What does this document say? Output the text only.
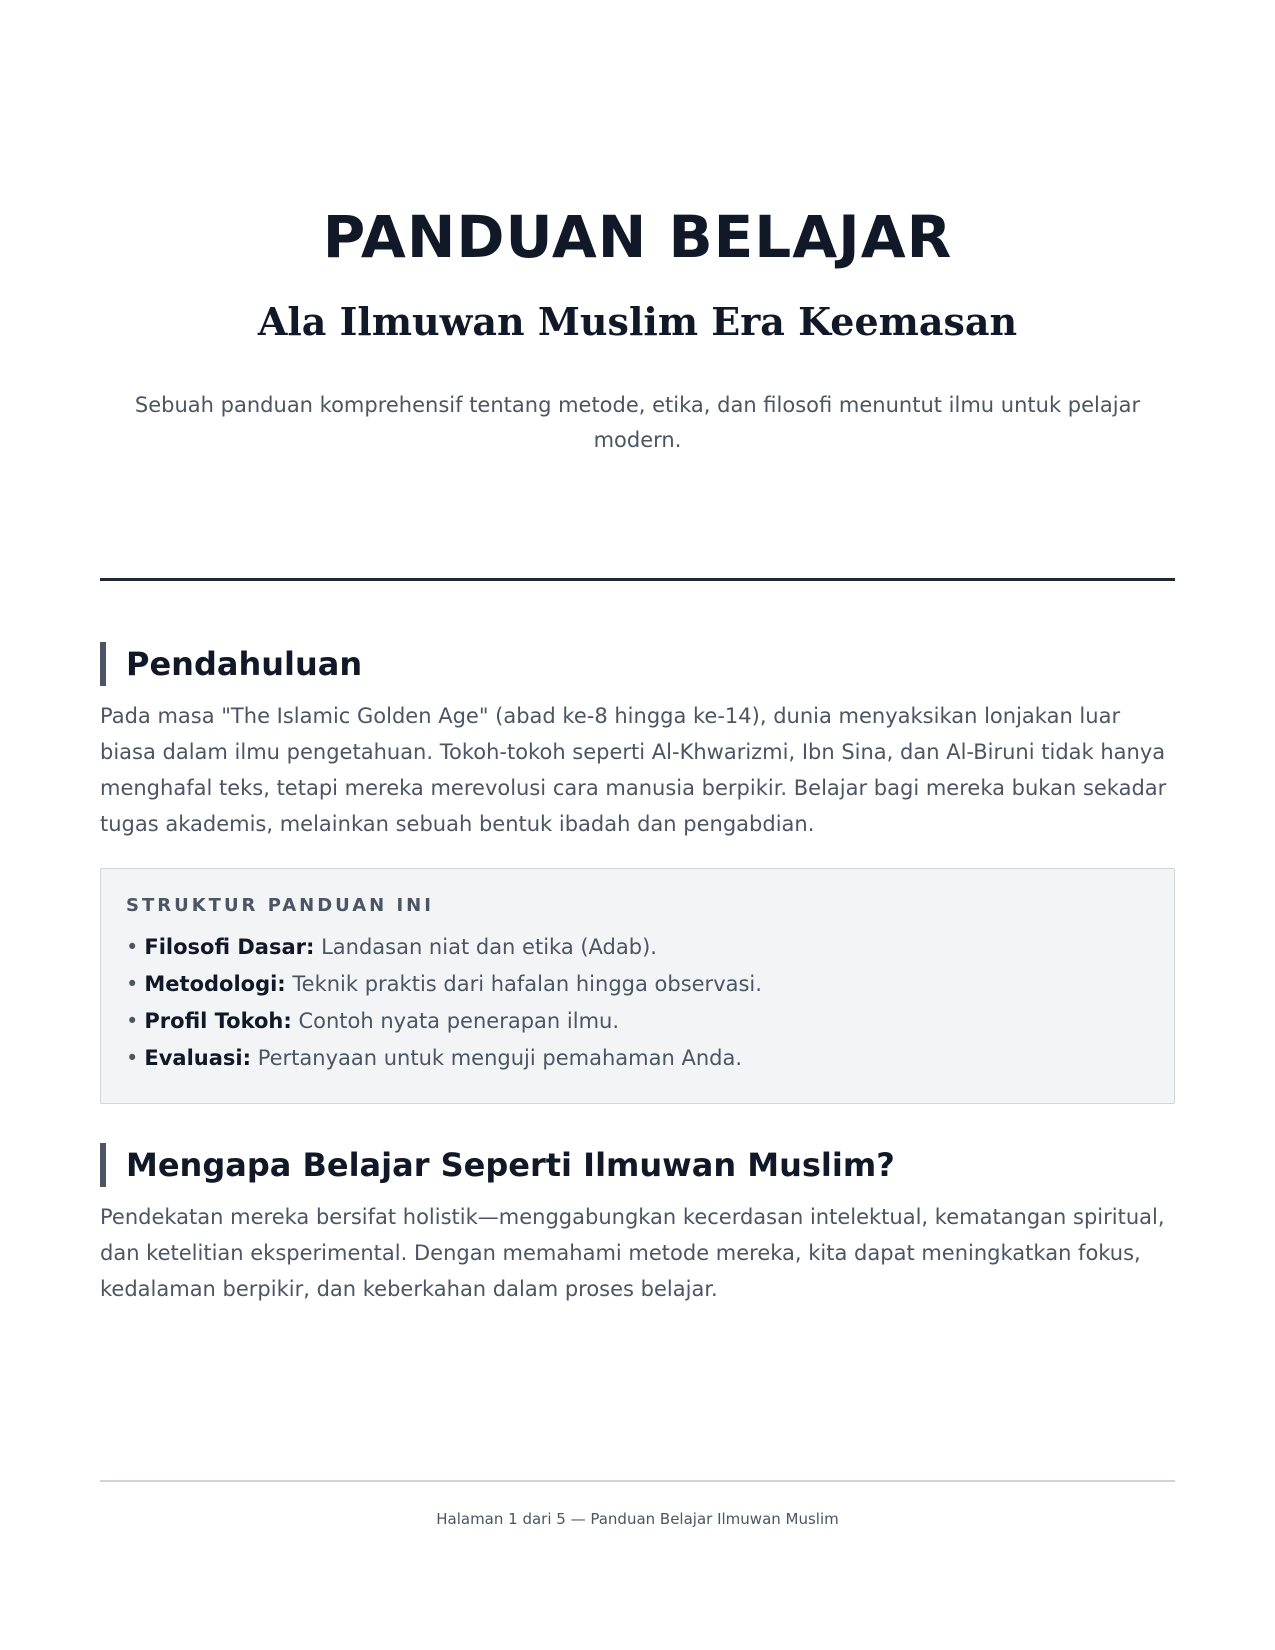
PANDUAN BELAJAR
Ala Ilmuwan Muslim Era Keemasan

Sebuah panduan komprehensif tentang metode, etika, dan filosofi menuntut ilmu untuk pelajar modern.

Pendahuluan

Pada masa "The Islamic Golden Age" (abad ke-8 hingga ke-14), dunia menyaksikan lonjakan luar biasa dalam ilmu pengetahuan. Tokoh-tokoh seperti Al-Khwarizmi, Ibn Sina, dan Al-Biruni tidak hanya menghafal teks, tetapi mereka merevolusi cara manusia berpikir. Belajar bagi mereka bukan sekadar tugas akademis, melainkan sebuah bentuk ibadah dan pengabdian.

STRUKTUR PANDUAN INI
• Filosofi Dasar: Landasan niat dan etika (Adab).
• Metodologi: Teknik praktis dari hafalan hingga observasi.
• Profil Tokoh: Contoh nyata penerapan ilmu.
• Evaluasi: Pertanyaan untuk menguji pemahaman Anda.
Mengapa Belajar Seperti Ilmuwan Muslim?

Pendekatan mereka bersifat holistik—menggabungkan kecerdasan intelektual, kematangan spiritual, dan ketelitian eksperimental. Dengan memahami metode mereka, kita dapat meningkatkan fokus, kedalaman berpikir, dan keberkahan dalam proses belajar.

Halaman 1 dari 5 — Panduan Belajar Ilmuwan Muslim
